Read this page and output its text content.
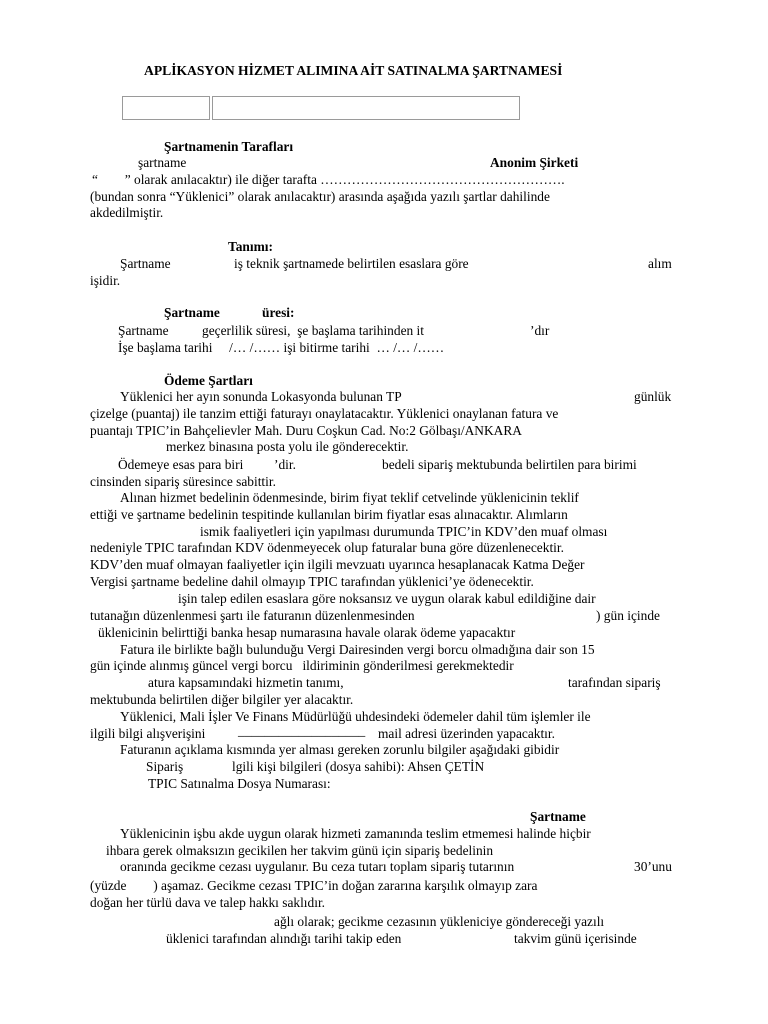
APLİKASYON HİZMET ALIMINA AİT SATINALMA ŞARTNAMESİ
Şartnamenin Tarafları
şartname	Anonim Şirketi
“        ” olarak anılacaktır) ile diğer tarafta ……………………………………………….
(bundan sonra “Yüklenici” olarak anılacaktır) arasında aşağıda yazılı şartlar dahilinde
akdedilmiştir.
Tanımı:
Şartname	iş teknik şartnamede belirtilen esaslara göre	alım
işidir.
Şartname	üresi:
Şartname geçerlilik süresi,  şe başlama tarihinden it	’dır
İşe başlama tarihi     /… /…… işi bitirme tarihi  … /… /……
Ödeme Şartları
Yüklenici her ayın sonunda Lokasyonda bulunan TP	günlük
çizelge (puantaj) ile tanzim ettiği faturayı onaylatacaktır. Yüklenici onaylanan fatura ve
puantajı TPIC’in Bahçelievler Mah. Duru Coşkun Cad. No:2 Gölbaşı/ANKARA
merkez binasına posta yolu ile gönderecektir.
Ödemeye esas para biri ’dir.	bedeli sipariş mektubunda belirtilen para birimi
cinsinden sipariş süresince sabittir.
Alınan hizmet bedelinin ödenmesinde, birim fiyat teklif cetvelinde yüklenicinin teklif
ettiği ve şartname bedelinin tespitinde kullanılan birim fiyatlar esas alınacaktır. Alımların
ismik faaliyetleri için yapılması durumunda TPIC’in KDV’den muaf olması
nedeniyle TPIC tarafından KDV ödenmeyecek olup faturalar buna göre düzenlenecektir.
KDV’den muaf olmayan faaliyetler için ilgili mevzuatı uyarınca hesaplanacak Katma Değer
Vergisi şartname bedeline dahil olmayıp TPIC tarafından yüklenici’ye ödenecektir.
işin talep edilen esaslara göre noksansız ve uygun olarak kabul edildiğine dair
tutanağın düzenlenmesi şartı ile faturanın düzenlenmesinden	) gün içinde
üklenicinin belirttiği banka hesap numarasına havale olarak ödeme yapacaktır
Fatura ile birlikte bağlı bulunduğu Vergi Dairesinden vergi borcu olmadığına dair son 15
gün içinde alınmış güncel vergi borcu   ildiriminin gönderilmesi gerekmektedir
atura kapsamındaki hizmetin tanımı,	tarafından sipariş
mektubunda belirtilen diğer bilgiler yer alacaktır.
Yüklenici, Mali İşler Ve Finans Müdürlüğü uhdesindeki ödemeler dahil tüm işlemler ile
ilgili bilgi alışverişini ___________________ mail adresi üzerinden yapacaktır.
Faturanın açıklama kısmında yer alması gereken zorunlu bilgiler aşağıdaki gibidir
Sipariş	lgili kişi bilgileri (dosya sahibi): Ahsen ÇETİN
TPIC Satınalma Dosya Numarası:
Şartname
Yüklenicinin işbu akde uygun olarak hizmeti zamanında teslim etmemesi halinde hiçbir
ihbara gerek olmaksızın gecikilen her takvim günü için sipariş bedelinin
oranında gecikme cezası uygulanır. Bu ceza tutarı toplam sipariş tutarının	30’unu
(yüzde        ) aşamaz. Gecikme cezası TPIC’in doğan zararına karşılık olmayıp zara
doğan her türlü dava ve talep hakkı saklıdır.
ağlı olarak; gecikme cezasının yükleniciye göndereceği yazılı
üklenici tarafından alındığı tarihi takip eden	takvim günü içerisinde
